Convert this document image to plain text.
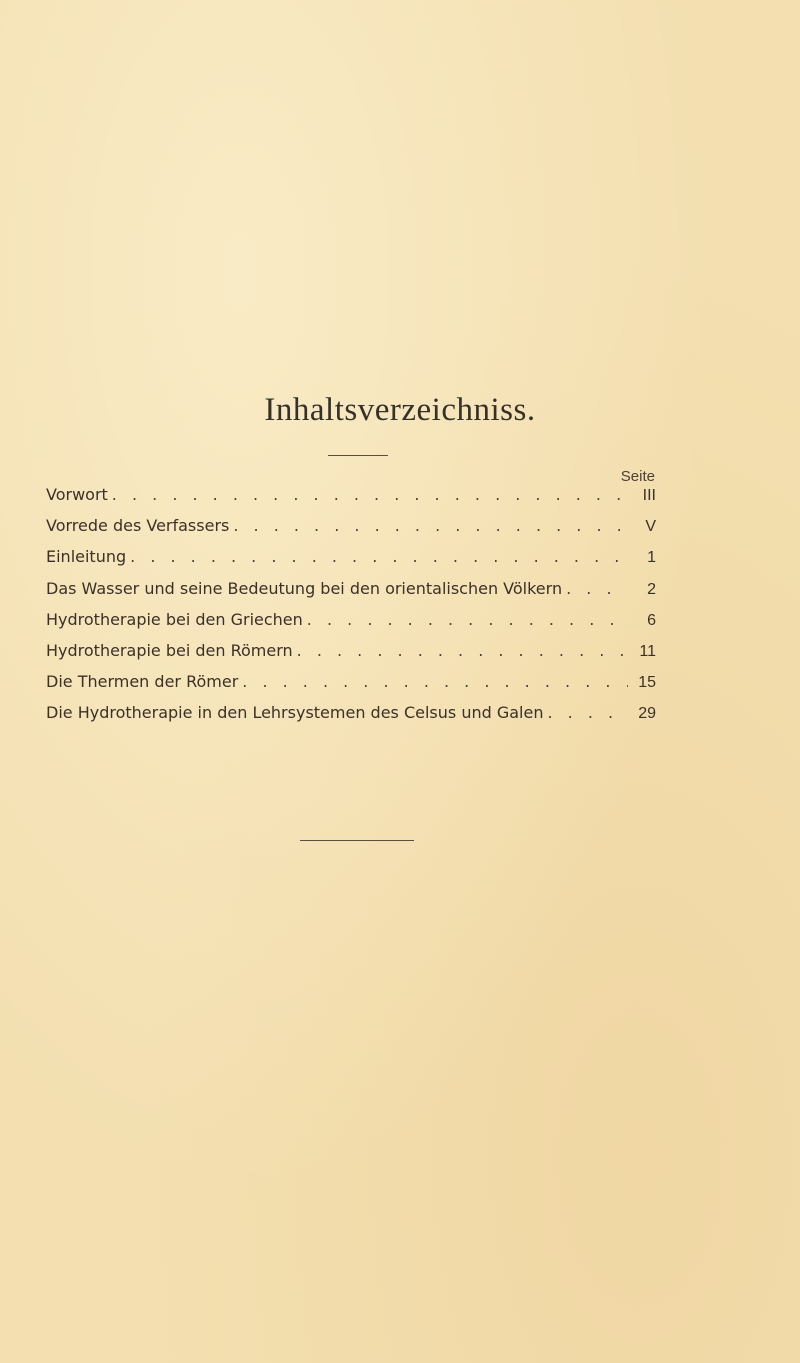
Inhaltsverzeichniss.
Seite
Vorwort . . .	III
Vorrede des Verfassers . . .	V
Einleitung . . .	1
Das Wasser und seine Bedeutung bei den orientalischen Völkern . . .	2
Hydrotherapie bei den Griechen . . .	6
Hydrotherapie bei den Römern . . .	11
Die Thermen der Römer . . .	15
Die Hydrotherapie in den Lehrsystemen des Celsus und Galen . . .	29
